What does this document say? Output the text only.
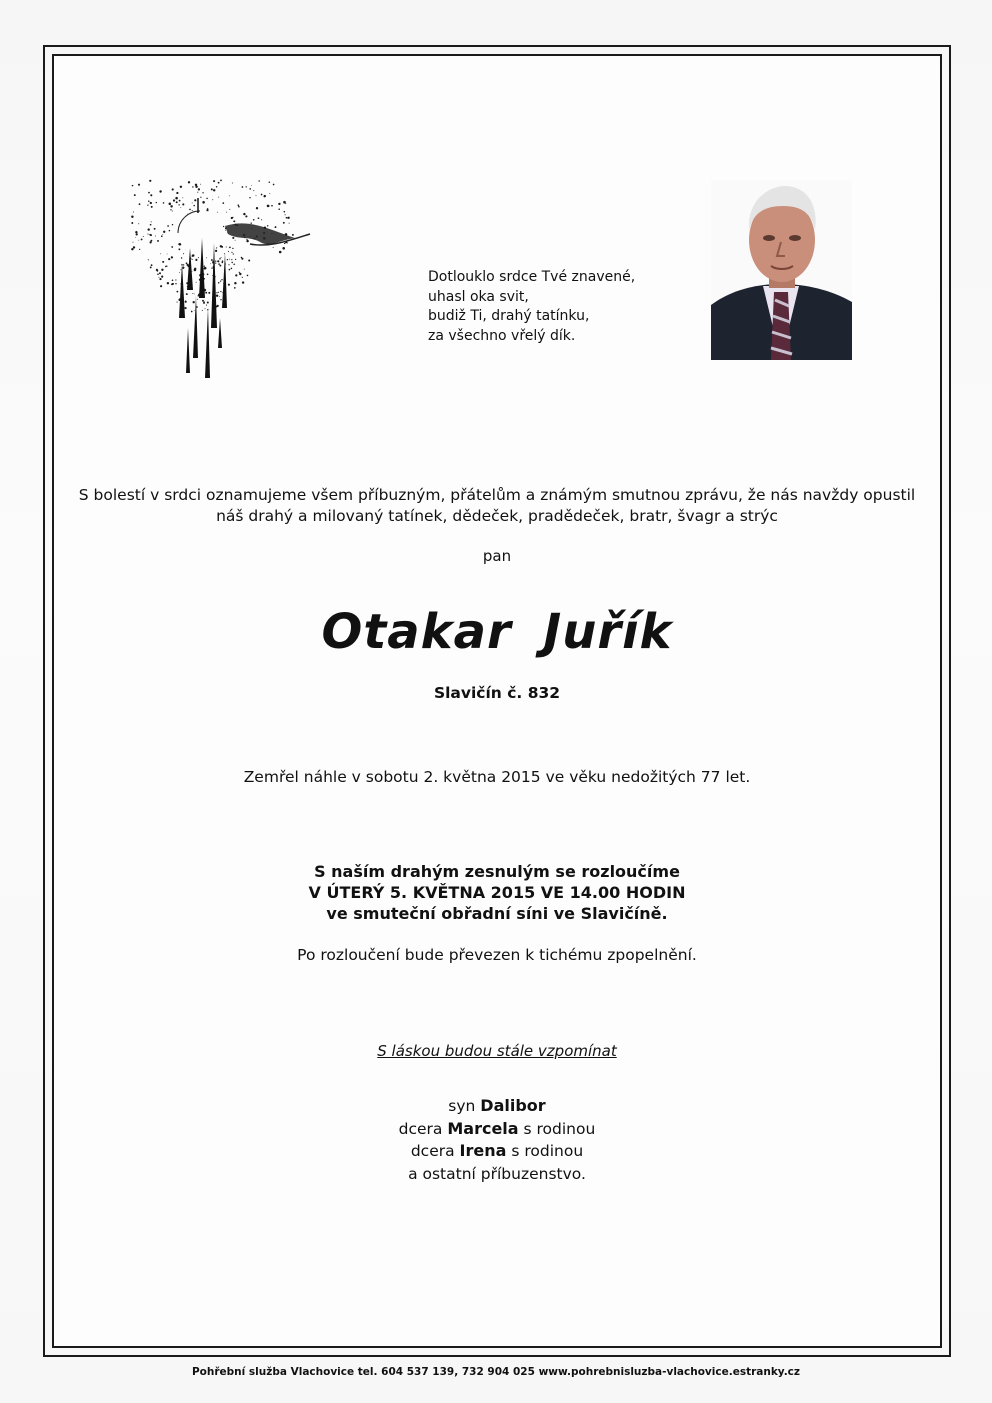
Dotlouklo srdce Tvé znavené,
uhasl oka svit,
budiž Ti, drahý tatínku,
za všechno vřelý dík.
S bolestí v srdci oznamujeme všem příbuzným, přátelům a známým smutnou zprávu, že nás navždy opustil
náš drahý a milovaný tatínek, dědeček, pradědeček, bratr, švagr a strýc
pan
Otakar Juřík
Slavičín č. 832
Zemřel náhle v sobotu 2. května 2015 ve věku nedožitých 77 let.
S naším drahým zesnulým se rozloučíme
V ÚTERÝ 5. KVĚTNA 2015 VE 14.00 HODIN
ve smuteční obřadní síni ve Slavičíně.
Po rozloučení bude převezen k tichému zpopelnění.
S láskou budou stále vzpomínat
syn Dalibor
dcera Marcela s rodinou
dcera Irena s rodinou
a ostatní příbuzenstvo.
Pohřební služba Vlachovice tel. 604 537 139, 732 904 025 www.pohrebnisluzba-vlachovice.estranky.cz
